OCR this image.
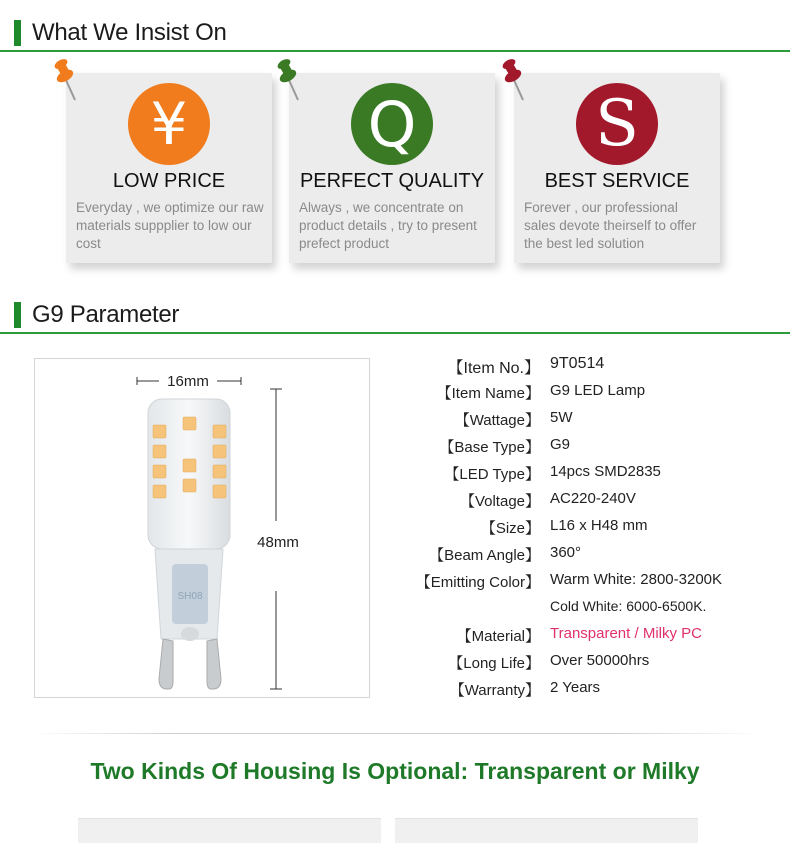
What We Insist On
¥
LOW PRICE
Everyday , we optimize our raw materials suppplier to low our cost
Q
PERFECT QUALITY
Always , we concentrate on product details , try to present prefect product
S
BEST SERVICE
Forever , our professional sales devote theirself to offer the best led solution
G9 Parameter
16mm
48mm
SH08
【Item No.】 9T0514
【Item Name】 G9 LED Lamp
【Wattage】 5W
【Base Type】 G9
【LED Type】 14pcs SMD2835
【Voltage】 AC220-240V
【Size】 L16 x H48 mm
【Beam Angle】 360°
【Emitting Color】 Warm White: 2800-3200K
Cold White: 6000-6500K.
【Material】 Transparent / Milky PC
【Long Life】 Over 50000hrs
【Warranty】 2 Years
Two Kinds Of Housing Is Optional: Transparent or Milky
